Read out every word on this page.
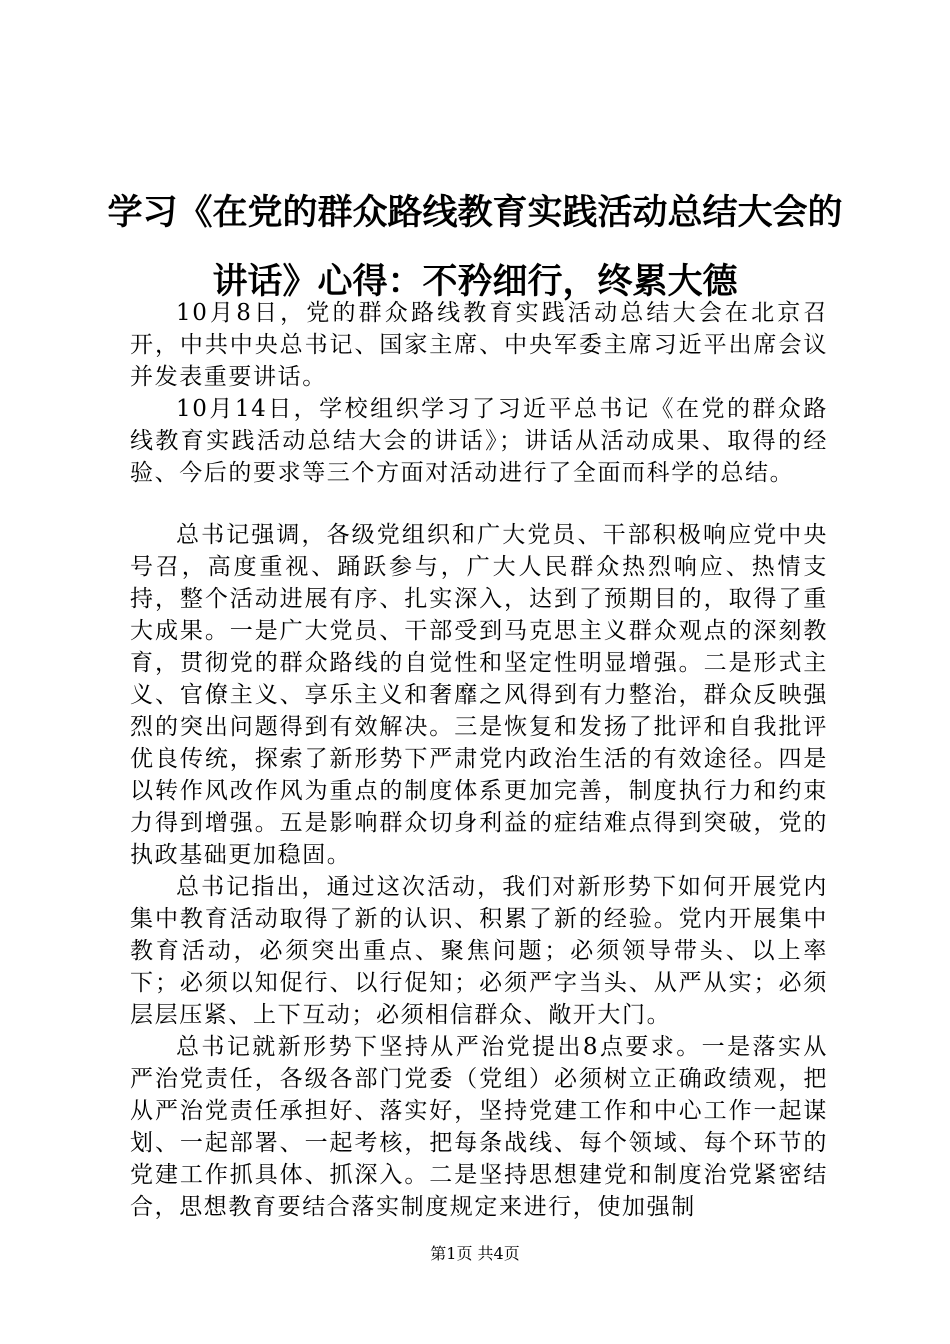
学习《在党的群众路线教育实践活动总结大会的讲话》心得：不矜细行，终累大德

10月8日，党的群众路线教育实践活动总结大会在北京召开，中共中央总书记、国家主席、中央军委主席习近平出席会议并发表重要讲话。

10月14日，学校组织学习了习近平总书记《在党的群众路线教育实践活动总结大会的讲话》；讲话从活动成果、取得的经验、今后的要求等三个方面对活动进行了全面而科学的总结。

总书记强调，各级党组织和广大党员、干部积极响应党中央号召，高度重视、踊跃参与，广大人民群众热烈响应、热情支持，整个活动进展有序、扎实深入，达到了预期目的，取得了重大成果。一是广大党员、干部受到马克思主义群众观点的深刻教育，贯彻党的群众路线的自觉性和坚定性明显增强。二是形式主义、官僚主义、享乐主义和奢靡之风得到有力整治，群众反映强烈的突出问题得到有效解决。三是恢复和发扬了批评和自我批评优良传统，探索了新形势下严肃党内政治生活的有效途径。四是以转作风改作风为重点的制度体系更加完善，制度执行力和约束力得到增强。五是影响群众切身利益的症结难点得到突破，党的执政基础更加稳固。

总书记指出，通过这次活动，我们对新形势下如何开展党内集中教育活动取得了新的认识、积累了新的经验。党内开展集中教育活动，必须突出重点、聚焦问题；必须领导带头、以上率下；必须以知促行、以行促知；必须严字当头、从严从实；必须层层压紧、上下互动；必须相信群众、敞开大门。

总书记就新形势下坚持从严治党提出8点要求。一是落实从严治党责任，各级各部门党委（党组）必须树立正确政绩观，把从严治党责任承担好、落实好，坚持党建工作和中心工作一起谋划、一起部署、一起考核，把每条战线、每个领域、每个环节的党建工作抓具体、抓深入。二是坚持思想建党和制度治党紧密结合，思想教育要结合落实制度规定来进行，使加强制

第1页 共4页
